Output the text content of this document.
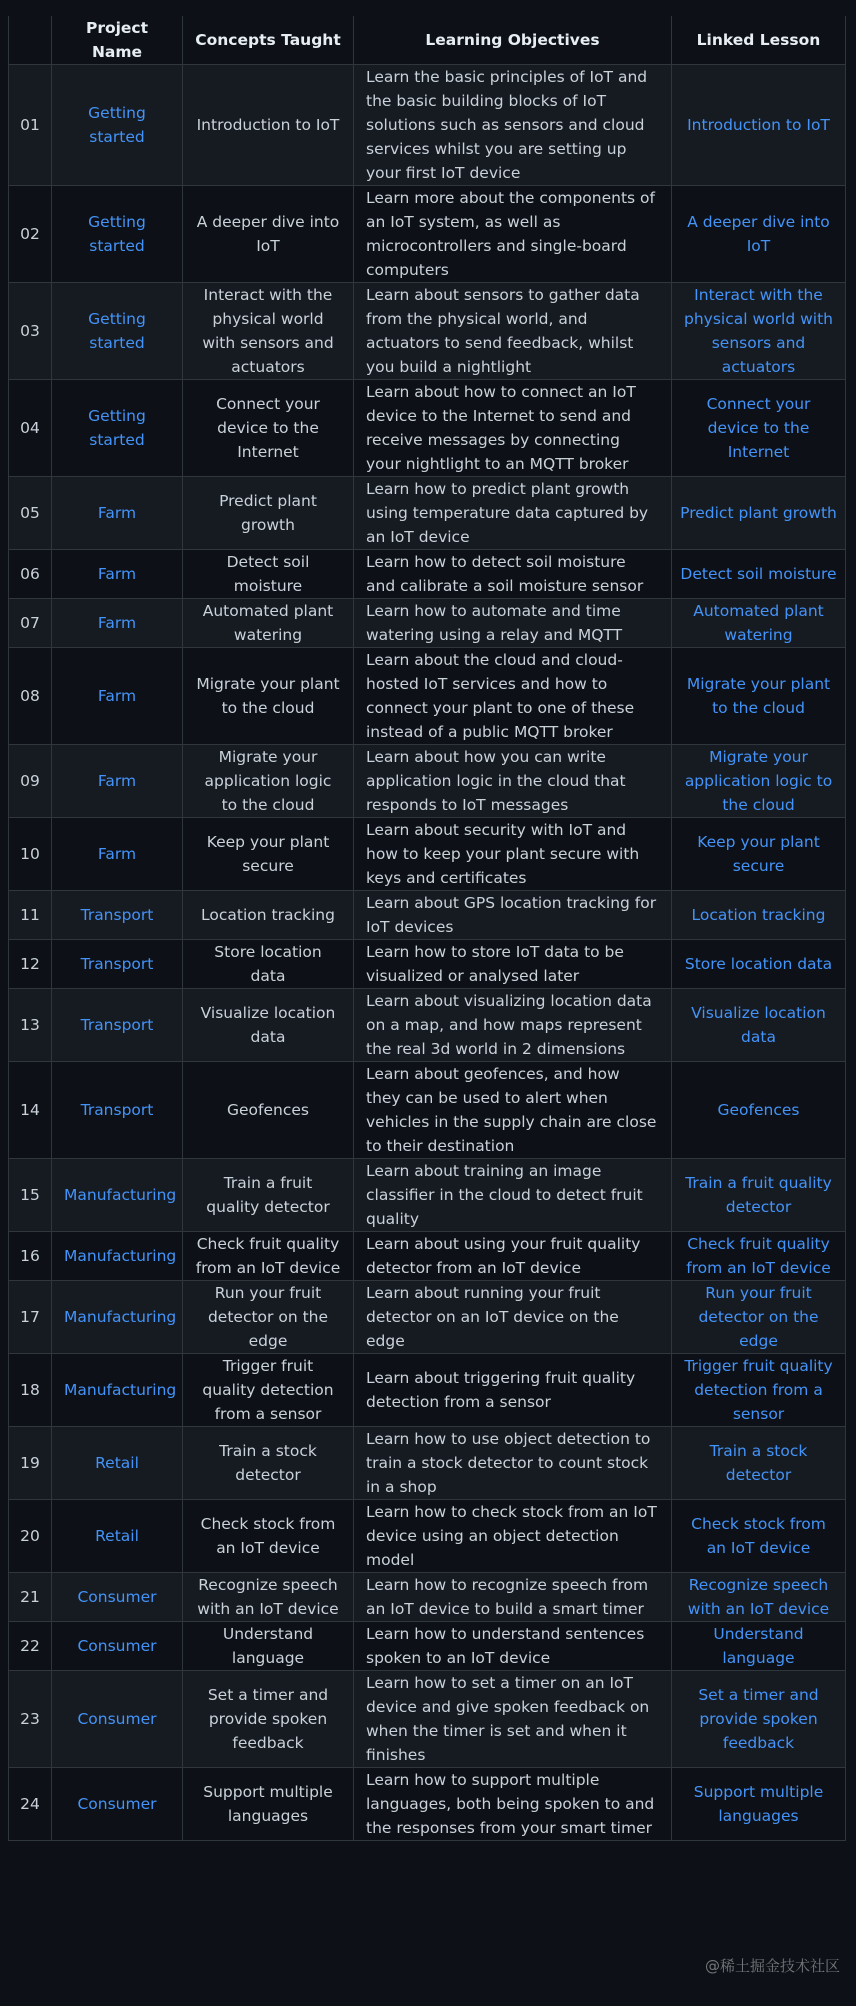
	Project Name	Concepts Taught	Learning Objectives	Linked Lesson
01	Getting started	Introduction to IoT	Learn the basic principles of IoT and the basic building blocks of IoT solutions such as sensors and cloud services whilst you are setting up your first IoT device	Introduction to IoT
02	Getting started	A deeper dive into IoT	Learn more about the components of an IoT system, as well as microcontrollers and single-board computers	A deeper dive into IoT
03	Getting started	Interact with the physical world with sensors and actuators	Learn about sensors to gather data from the physical world, and actuators to send feedback, whilst you build a nightlight	Interact with the physical world with sensors and actuators
04	Getting started	Connect your device to the Internet	Learn about how to connect an IoT device to the Internet to send and receive messages by connecting your nightlight to an MQTT broker	Connect your device to the Internet
05	Farm	Predict plant growth	Learn how to predict plant growth using temperature data captured by an IoT device	Predict plant growth
06	Farm	Detect soil moisture	Learn how to detect soil moisture and calibrate a soil moisture sensor	Detect soil moisture
07	Farm	Automated plant watering	Learn how to automate and time watering using a relay and MQTT	Automated plant watering
08	Farm	Migrate your plant to the cloud	Learn about the cloud and cloud-hosted IoT services and how to connect your plant to one of these instead of a public MQTT broker	Migrate your plant to the cloud
09	Farm	Migrate your application logic to the cloud	Learn about how you can write application logic in the cloud that responds to IoT messages	Migrate your application logic to the cloud
10	Farm	Keep your plant secure	Learn about security with IoT and how to keep your plant secure with keys and certificates	Keep your plant secure
11	Transport	Location tracking	Learn about GPS location tracking for IoT devices	Location tracking
12	Transport	Store location data	Learn how to store IoT data to be visualized or analysed later	Store location data
13	Transport	Visualize location data	Learn about visualizing location data on a map, and how maps represent the real 3d world in 2 dimensions	Visualize location data
14	Transport	Geofences	Learn about geofences, and how they can be used to alert when vehicles in the supply chain are close to their destination	Geofences
15	Manufacturing	Train a fruit quality detector	Learn about training an image classifier in the cloud to detect fruit quality	Train a fruit quality detector
16	Manufacturing	Check fruit quality from an IoT device	Learn about using your fruit quality detector from an IoT device	Check fruit quality from an IoT device
17	Manufacturing	Run your fruit detector on the edge	Learn about running your fruit detector on an IoT device on the edge	Run your fruit detector on the edge
18	Manufacturing	Trigger fruit quality detection from a sensor	Learn about triggering fruit quality detection from a sensor	Trigger fruit quality detection from a sensor
19	Retail	Train a stock detector	Learn how to use object detection to train a stock detector to count stock in a shop	Train a stock detector
20	Retail	Check stock from an IoT device	Learn how to check stock from an IoT device using an object detection model	Check stock from an IoT device
21	Consumer	Recognize speech with an IoT device	Learn how to recognize speech from an IoT device to build a smart timer	Recognize speech with an IoT device
22	Consumer	Understand language	Learn how to understand sentences spoken to an IoT device	Understand language
23	Consumer	Set a timer and provide spoken feedback	Learn how to set a timer on an IoT device and give spoken feedback on when the timer is set and when it finishes	Set a timer and provide spoken feedback
24	Consumer	Support multiple languages	Learn how to support multiple languages, both being spoken to and the responses from your smart timer	Support multiple languages
@稀土掘金技术社区
